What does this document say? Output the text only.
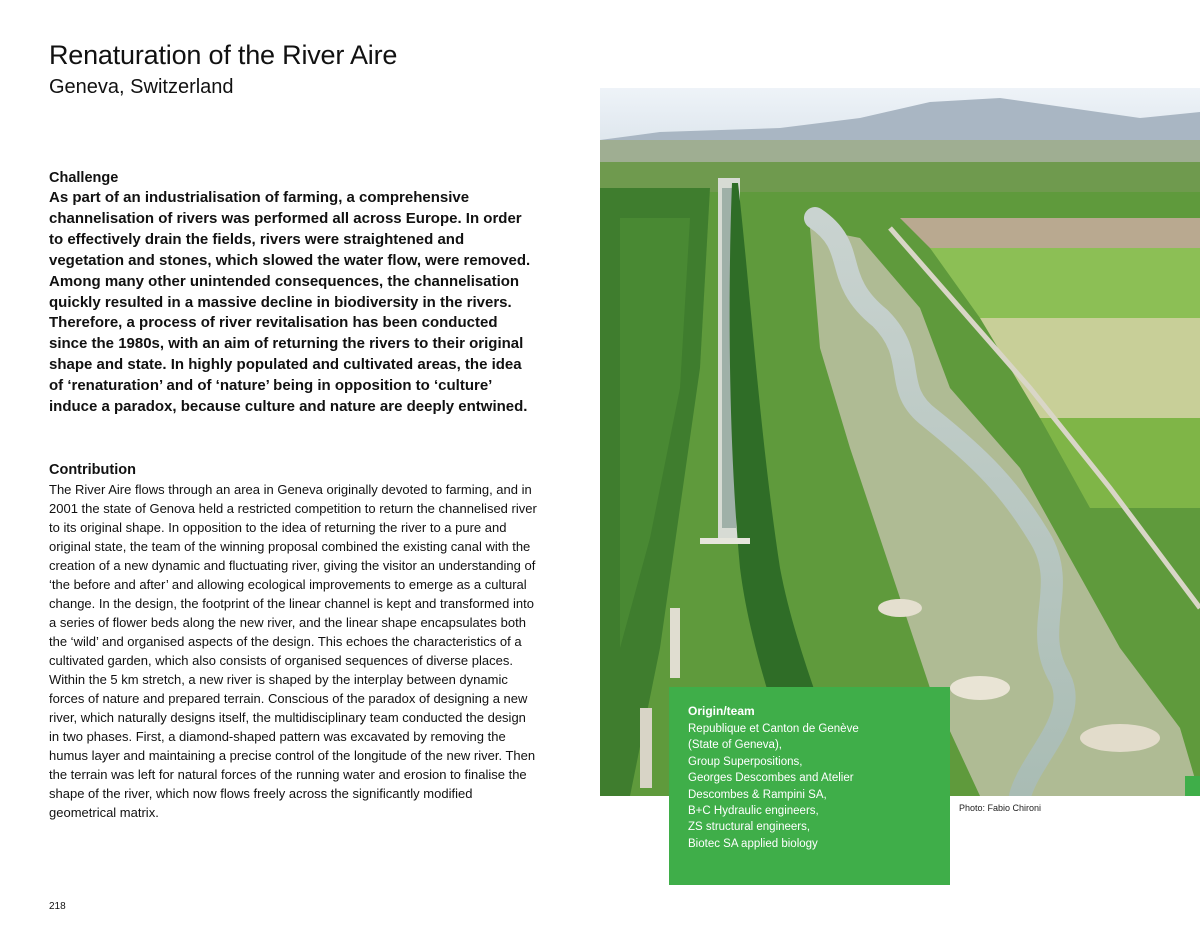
Renaturation of the River Aire
Geneva, Switzerland
Challenge

As part of an industrialisation of farming, a comprehensive channelisation of rivers was performed all across Europe. In order to effectively drain the fields, rivers were straightened and vegetation and stones, which slowed the water flow, were removed. Among many other unintended consequences, the channelisation quickly resulted in a massive decline in biodiversity in the rivers. Therefore, a process of river revitalisation has been conducted since the 1980s, with an aim of returning the rivers to their original shape and state. In highly populated and cultivated areas, the idea of ‘renaturation’ and of ‘nature’ being in opposition to ‘culture’ induce a paradox, because culture and nature are deeply entwined.

Contribution

The River Aire flows through an area in Geneva originally devoted to farming, and in 2001 the state of Genova held a restricted competition to return the channelised river to its original shape. In opposition to the idea of returning the river to a pure and original state, the team of the winning proposal combined the existing canal with the creation of a new dynamic and fluctuating river, giving the visitor an understanding of ‘the before and after’ and allowing ecological improvements to emerge as a cultural change. In the design, the footprint of the linear channel is kept and transformed into a series of flower beds along the new river, and the linear shape encapsulates both the ‘wild’ and organised aspects of the design. This echoes the characteristics of a cultivated garden, which also consists of organised sequences of diverse places. Within the 5 km stretch, a new river is shaped by the interplay between dynamic forces of nature and prepared terrain. Conscious of the paradox of designing a new river, which naturally designs itself, the multidisciplinary team conducted the design in two phases. First, a diamond-shaped pattern was excavated by removing the humus layer and maintaining a precise control of the longitude of the new river. Then the terrain was left for natural forces of the running water and erosion to finalise the shape of the river, which now flows freely across the significantly modified geometrical matrix.	Photo: Fabio Chironi
Origin/team
Republique et Canton de Genève
(State of Geneva),
Group Superpositions,
Georges Descombes and Atelier
Descombes & Rampini SA,
B+C Hydraulic engineers,
ZS structural engineers,
Biotec SA applied biology
218
